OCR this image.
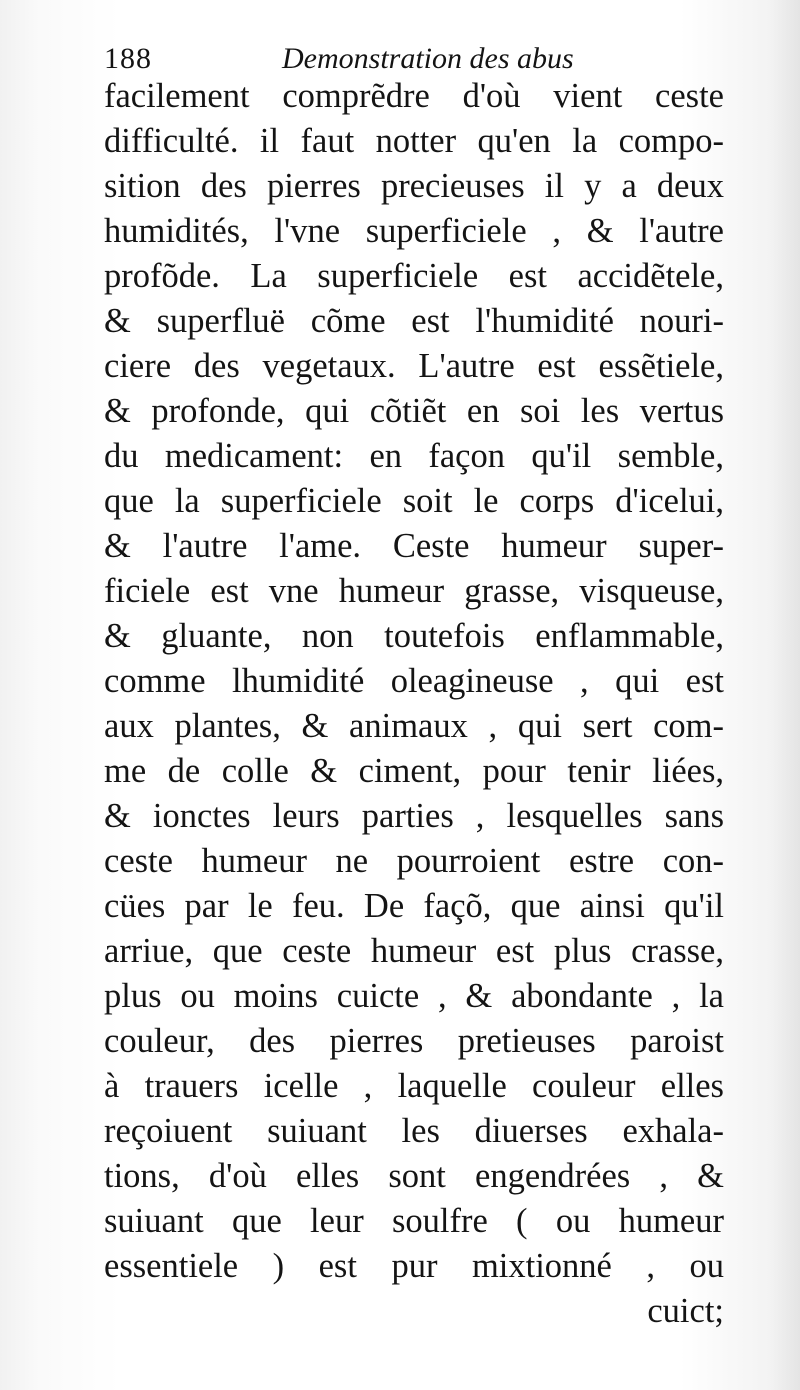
188	Demonstration des abus
facilement comprẽdre d'où vient ceste
difficulté. il faut notter qu'en la compo-
sition des pierres precieuses il y a deux
humidités, l'vne superficiele , & l'autre
profõde. La superficiele est accidẽtele,
& superfluë cõme est l'humidité nouri-
ciere des vegetaux. L'autre est essẽtiele,
& profonde, qui cõtiẽt en soi les vertus
du medicament: en façon qu'il semble,
que la superficiele soit le corps d'icelui,
& l'autre l'ame. Ceste humeur super-
ficiele est vne humeur grasse, visqueuse,
& gluante, non toutefois enflammable,
comme lhumidité oleagineuse , qui est
aux plantes, & animaux , qui sert com-
me de colle & ciment, pour tenir liées,
& ionctes leurs parties , lesquelles sans
ceste humeur ne pourroient estre con-
cües par le feu. De façõ, que ainsi qu'il
arriue, que ceste humeur est plus crasse,
plus ou moins cuicte , & abondante , la
couleur, des pierres pretieuses paroist
à trauers icelle , laquelle couleur elles
reçoiuent suiuant les diuerses exhala-
tions, d'où elles sont engendrées , &
suiuant que leur soulfre ( ou humeur
essentiele ) est pur mixtionné , ou
cuict;
